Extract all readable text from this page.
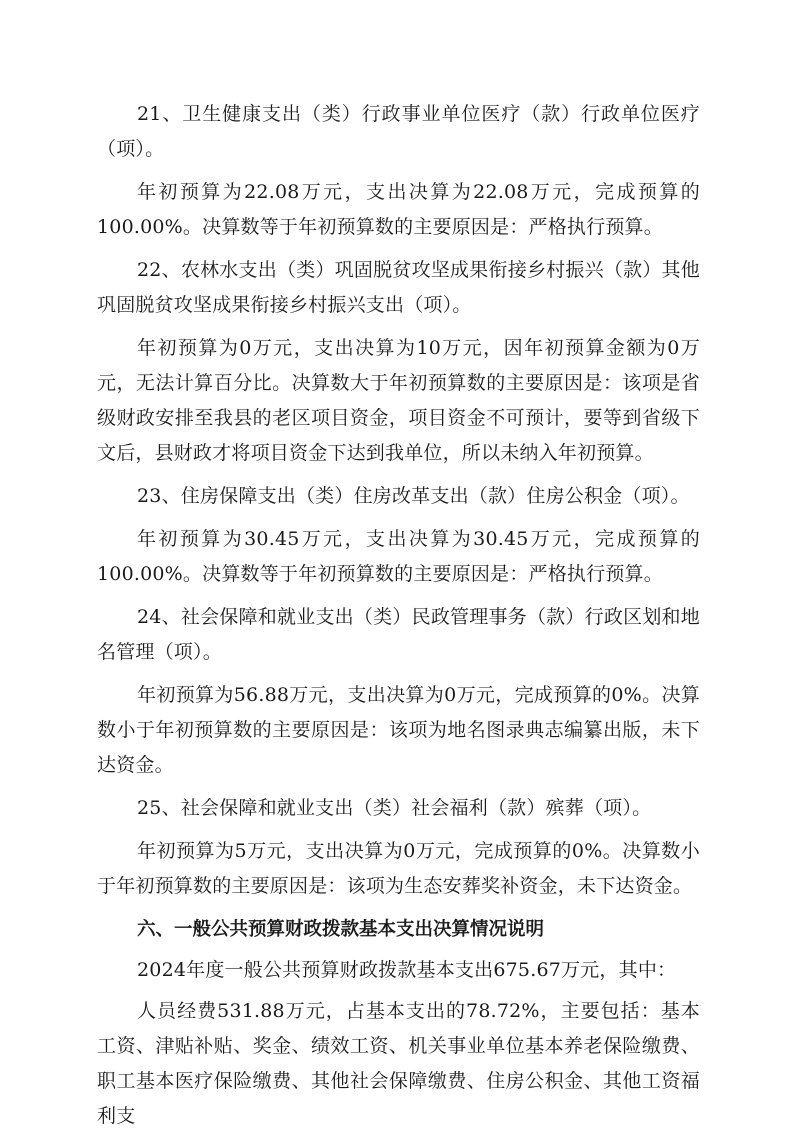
21、卫生健康支出（类）行政事业单位医疗（款）行政单位医疗（项）。

年初预算为22.08万元，支出决算为22.08万元，完成预算的100.00%。决算数等于年初预算数的主要原因是：严格执行预算。

22、农林水支出（类）巩固脱贫攻坚成果衔接乡村振兴（款）其他巩固脱贫攻坚成果衔接乡村振兴支出（项）。

年初预算为0万元，支出决算为10万元，因年初预算金额为0万元，无法计算百分比。决算数大于年初预算数的主要原因是：该项是省级财政安排至我县的老区项目资金，项目资金不可预计，要等到省级下文后，县财政才将项目资金下达到我单位，所以未纳入年初预算。

23、住房保障支出（类）住房改革支出（款）住房公积金（项）。

年初预算为30.45万元，支出决算为30.45万元，完成预算的100.00%。决算数等于年初预算数的主要原因是：严格执行预算。

24、社会保障和就业支出（类）民政管理事务（款）行政区划和地名管理（项）。

年初预算为56.88万元，支出决算为0万元，完成预算的0%。决算数小于年初预算数的主要原因是：该项为地名图录典志编纂出版，未下达资金。

25、社会保障和就业支出（类）社会福利（款）殡葬（项）。

年初预算为5万元，支出决算为0万元，完成预算的0%。决算数小于年初预算数的主要原因是：该项为生态安葬奖补资金，未下达资金。

六、一般公共预算财政拨款基本支出决算情况说明

2024年度一般公共预算财政拨款基本支出675.67万元，其中：

人员经费531.88万元，占基本支出的78.72%，主要包括：基本工资、津贴补贴、奖金、绩效工资、机关事业单位基本养老保险缴费、职工基本医疗保险缴费、其他社会保障缴费、住房公积金、其他工资福利支
